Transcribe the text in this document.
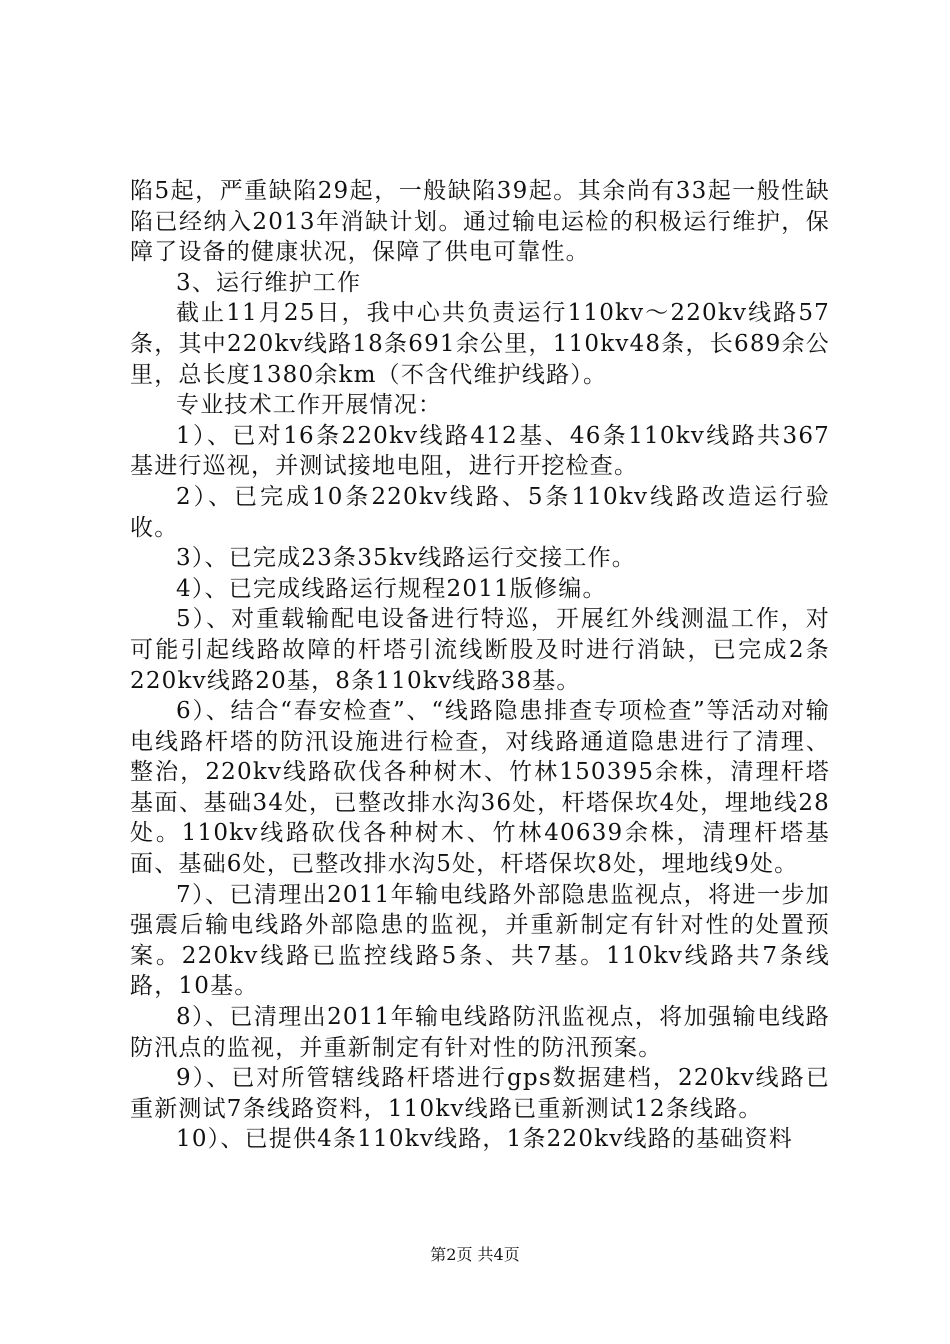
陷5起，严重缺陷29起，一般缺陷39起。其余尚有33起一般性缺陷已经纳入2013年消缺计划。通过输电运检的积极运行维护，保障了设备的健康状况，保障了供电可靠性。

3、运行维护工作

截止11月25日，我中心共负责运行110kv～220kv线路57条，其中220kv线路18条691余公里，110kv48条，长689余公里，总长度1380余km（不含代维护线路）。

专业技术工作开展情况：

1）、已对16条220kv线路412基、46条110kv线路共367基进行巡视，并测试接地电阻，进行开挖检查。

2）、已完成10条220kv线路、5条110kv线路改造运行验收。

3）、已完成23条35kv线路运行交接工作。

4）、已完成线路运行规程2011版修编。

5）、对重载输配电设备进行特巡，开展红外线测温工作，对可能引起线路故障的杆塔引流线断股及时进行消缺，已完成2条220kv线路20基，8条110kv线路38基。

6）、结合“春安检查”、“线路隐患排查专项检查”等活动对输电线路杆塔的防汛设施进行检查，对线路通道隐患进行了清理、整治，220kv线路砍伐各种树木、竹林150395余株，清理杆塔基面、基础34处，已整改排水沟36处，杆塔保坎4处，埋地线28处。110kv线路砍伐各种树木、竹林40639余株，清理杆塔基面、基础6处，已整改排水沟5处，杆塔保坎8处，埋地线9处。

7）、已清理出2011年输电线路外部隐患监视点，将进一步加强震后输电线路外部隐患的监视，并重新制定有针对性的处置预案。220kv线路已监控线路5条、共7基。110kv线路共7条线路，10基。

8）、已清理出2011年输电线路防汛监视点，将加强输电线路防汛点的监视，并重新制定有针对性的防汛预案。

9）、已对所管辖线路杆塔进行gps数据建档，220kv线路已重新测试7条线路资料，110kv线路已重新测试12条线路。

10）、已提供4条110kv线路，1条220kv线路的基础资料

第2页 共4页
